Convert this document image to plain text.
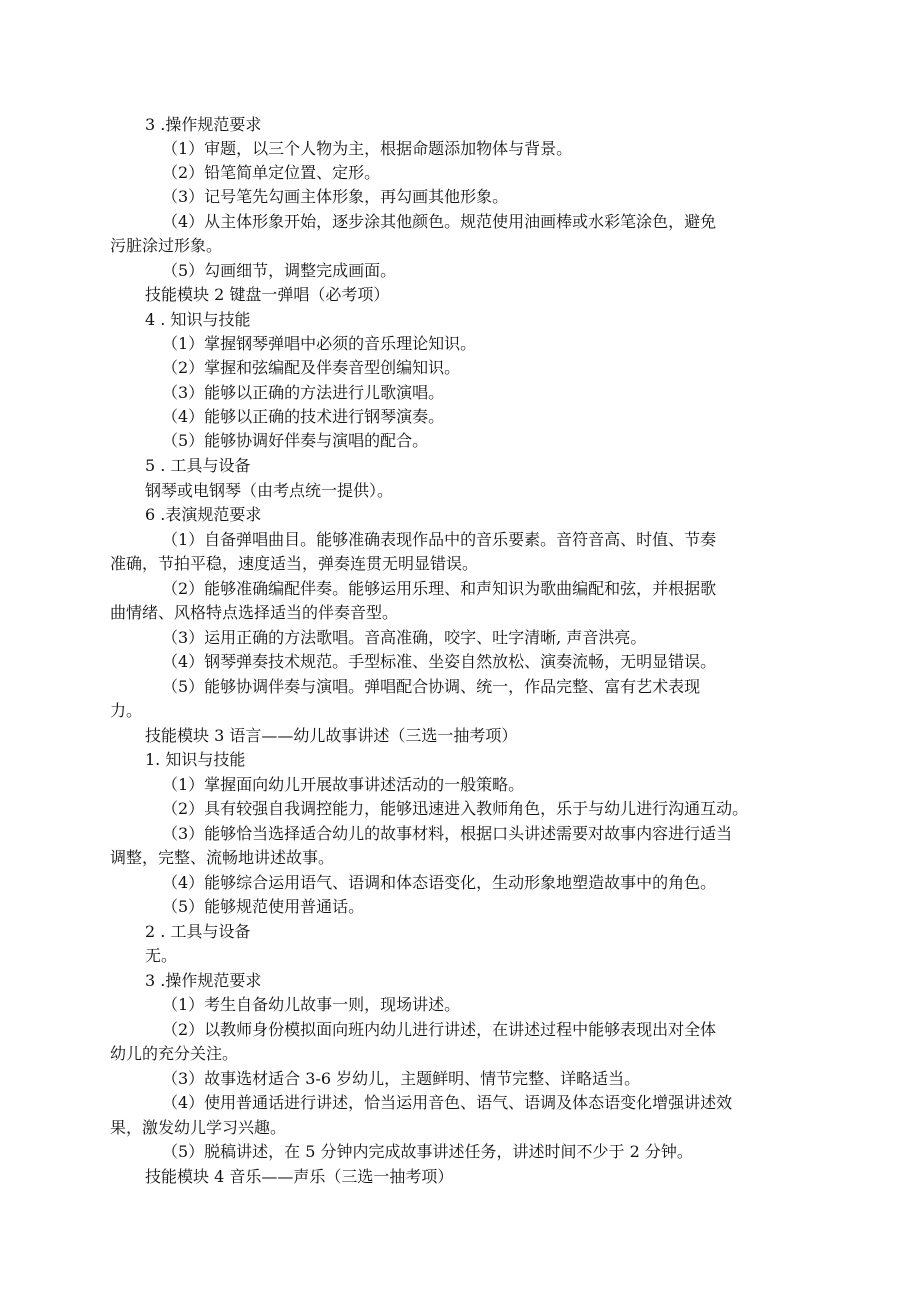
3 .操作规范要求
（1）审题，以三个人物为主，根据命题添加物体与背景。
（2）铅笔简单定位置、定形。
（3）记号笔先勾画主体形象，再勾画其他形象。
（4）从主体形象开始，逐步涂其他颜色。规范使用油画棒或水彩笔涂色，避免
污脏涂过形象。
（5）勾画细节，调整完成画面。
技能模块 2 键盘一弹唱（必考项）
4 . 知识与技能
（1）掌握钢琴弹唱中必须的音乐理论知识。
（2）掌握和弦编配及伴奏音型创编知识。
（3）能够以正确的方法进行儿歌演唱。
（4）能够以正确的技术进行钢琴演奏。
（5）能够协调好伴奏与演唱的配合。
5 . 工具与设备
钢琴或电钢琴（由考点统一提供）。
6 .表演规范要求
（1）自备弹唱曲目。能够准确表现作品中的音乐要素。音符音高、时值、节奏
准确，节拍平稳，速度适当，弹奏连贯无明显错误。
（2）能够准确编配伴奏。能够运用乐理、和声知识为歌曲编配和弦，并根据歌
曲情绪、风格特点选择适当的伴奏音型。
（3）运用正确的方法歌唱。音高准确，咬字、吐字清晰, 声音洪亮。
（4）钢琴弹奏技术规范。手型标准、坐姿自然放松、演奏流畅，无明显错误。
（5）能够协调伴奏与演唱。弹唱配合协调、统一，作品完整、富有艺术表现
力。
技能模块 3 语言——幼儿故事讲述（三选一抽考项）
1. 知识与技能
（1）掌握面向幼儿开展故事讲述活动的一般策略。
（2）具有较强自我调控能力，能够迅速进入教师角色，乐于与幼儿进行沟通互动。
（3）能够恰当选择适合幼儿的故事材料，根据口头讲述需要对故事内容进行适当
调整，完整、流畅地讲述故事。
（4）能够综合运用语气、语调和体态语变化，生动形象地塑造故事中的角色。
（5）能够规范使用普通话。
2 . 工具与设备
无。
3 .操作规范要求
（1）考生自备幼儿故事一则，现场讲述。
（2）以教师身份模拟面向班内幼儿进行讲述，在讲述过程中能够表现出对全体
幼儿的充分关注。
（3）故事选材适合 3-6 岁幼儿，主题鲜明、情节完整、详略适当。
（4）使用普通话进行讲述，恰当运用音色、语气、语调及体态语变化增强讲述效
果，激发幼儿学习兴趣。
（5）脱稿讲述，在 5 分钟内完成故事讲述任务，讲述时间不少于 2 分钟。
技能模块 4 音乐——声乐（三选一抽考项）
